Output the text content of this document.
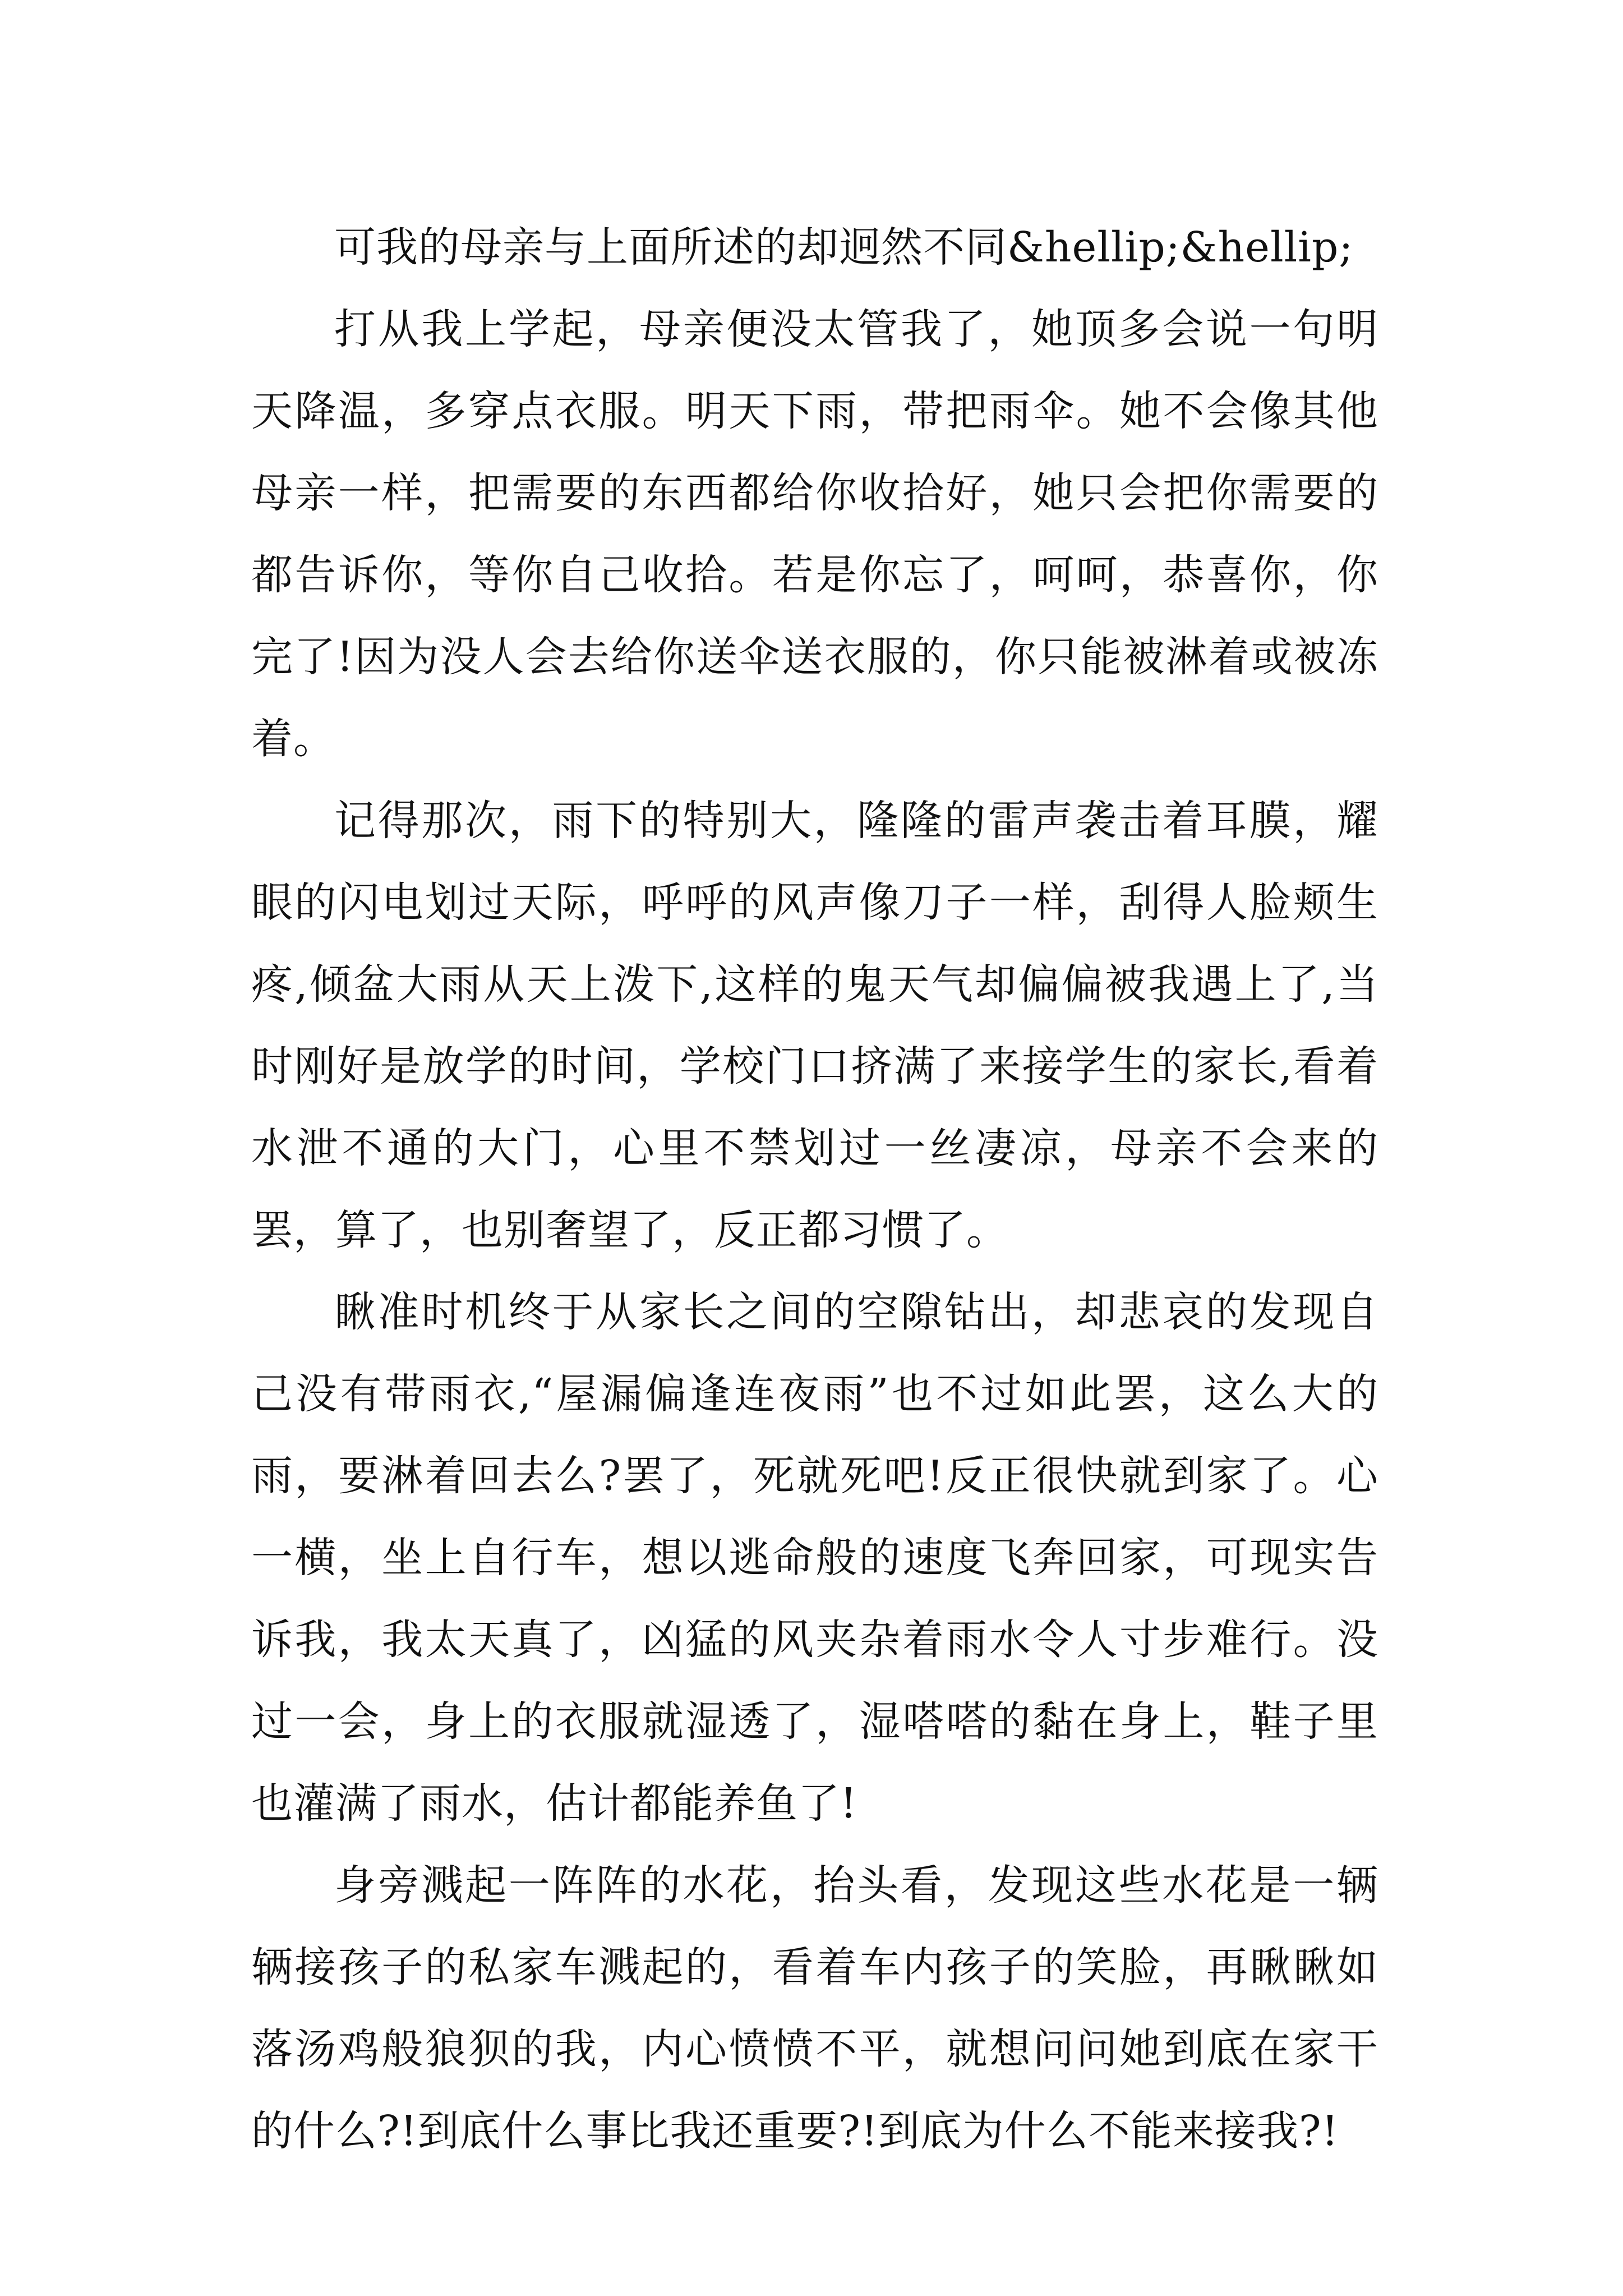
可我的母亲与上面所述的却迥然不同&hellip;&hellip;

打从我上学起，母亲便没太管我了，她顶多会说一句明天降温，多穿点衣服。明天下雨，带把雨伞。她不会像其他母亲一样，把需要的东西都给你收拾好，她只会把你需要的都告诉你，等你自己收拾。若是你忘了，呵呵，恭喜你，你完了!因为没人会去给你送伞送衣服的，你只能被淋着或被冻着。

记得那次，雨下的特别大，隆隆的雷声袭击着耳膜，耀眼的闪电划过天际，呼呼的风声像刀子一样，刮得人脸颊生疼,倾盆大雨从天上泼下,这样的鬼天气却偏偏被我遇上了,当时刚好是放学的时间，学校门口挤满了来接学生的家长,看着水泄不通的大门，心里不禁划过一丝凄凉，母亲不会来的罢，算了，也别奢望了，反正都习惯了。

瞅准时机终于从家长之间的空隙钻出，却悲哀的发现自己没有带雨衣,“屋漏偏逢连夜雨”也不过如此罢，这么大的雨，要淋着回去么?罢了，死就死吧!反正很快就到家了。心一横，坐上自行车，想以逃命般的速度飞奔回家，可现实告诉我，我太天真了，凶猛的风夹杂着雨水令人寸步难行。没过一会，身上的衣服就湿透了，湿嗒嗒的黏在身上，鞋子里也灌满了雨水，估计都能养鱼了!

身旁溅起一阵阵的水花，抬头看，发现这些水花是一辆辆接孩子的私家车溅起的，看着车内孩子的笑脸，再瞅瞅如落汤鸡般狼狈的我，内心愤愤不平，就想问问她到底在家干的什么?!到底什么事比我还重要?!到底为什么不能来接我?!
